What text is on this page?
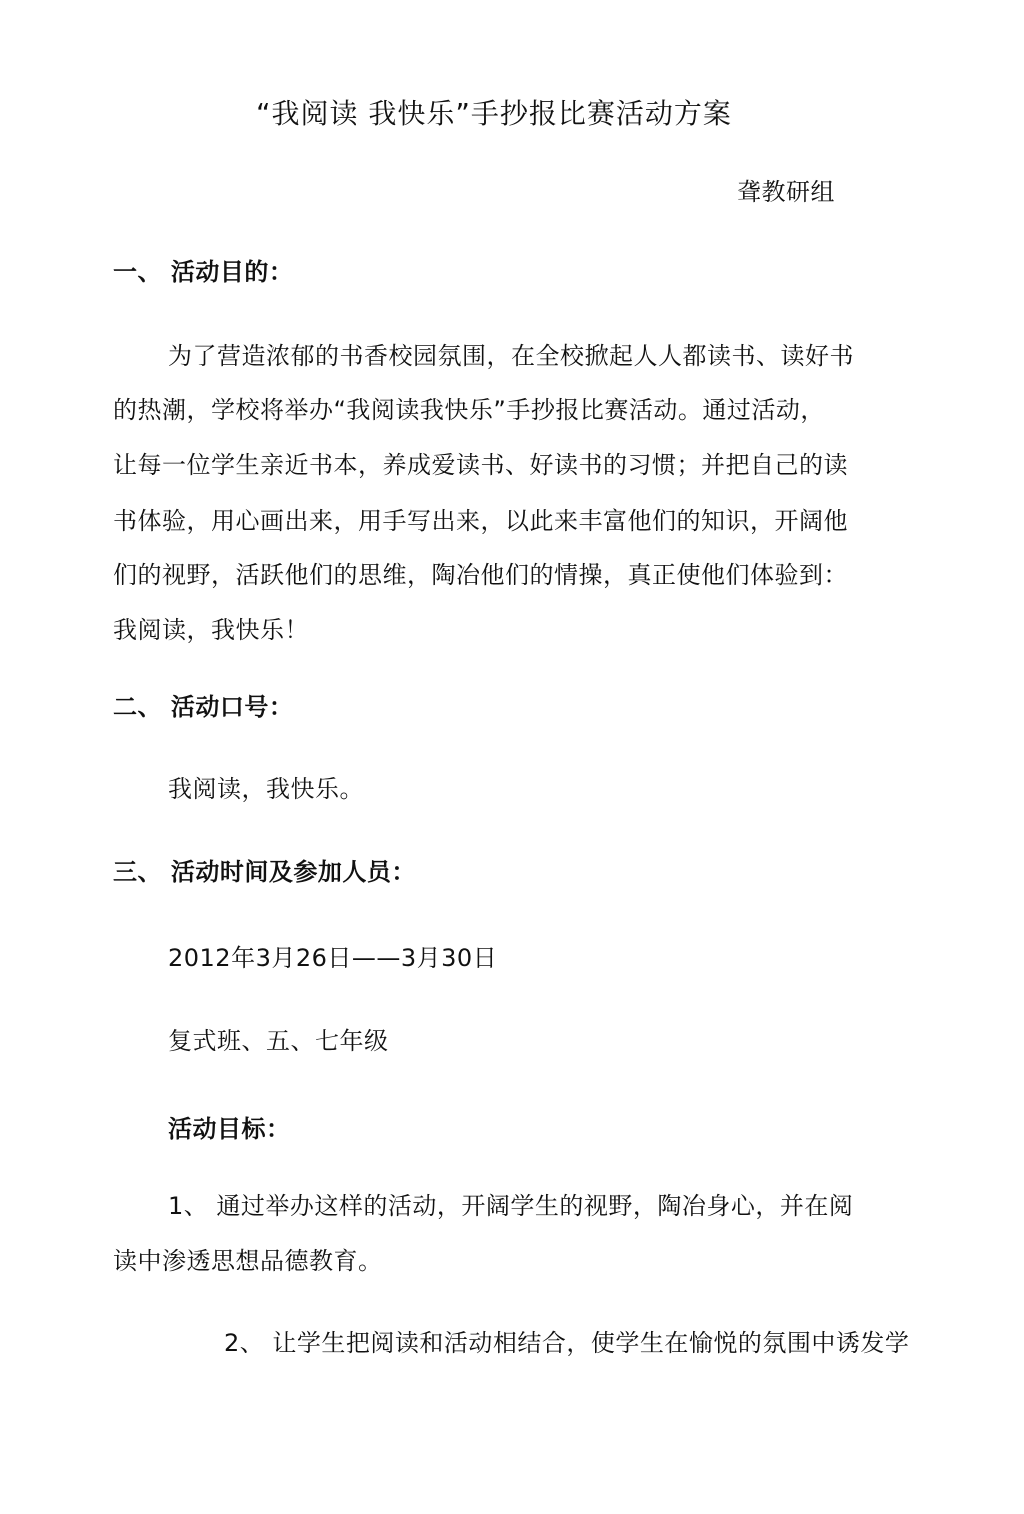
“我阅读 我快乐”手抄报比赛活动方案
聋教研组
一、 活动目的：
为了营造浓郁的书香校园氛围，在全校掀起人人都读书、读好书
的热潮，学校将举办“我阅读我快乐”手抄报比赛活动。通过活动，
让每一位学生亲近书本，养成爱读书、好读书的习惯；并把自己的读
书体验，用心画出来，用手写出来，以此来丰富他们的知识，开阔他
们的视野，活跃他们的思维，陶冶他们的情操，真正使他们体验到：
我阅读，我快乐！
二、 活动口号：
我阅读，我快乐。
三、 活动时间及参加人员：
2012年3月26日——3月30日
复式班、五、七年级
活动目标：
1、 通过举办这样的活动，开阔学生的视野，陶冶身心，并在阅
读中渗透思想品德教育。
2、 让学生把阅读和活动相结合，使学生在愉悦的氛围中诱发学
